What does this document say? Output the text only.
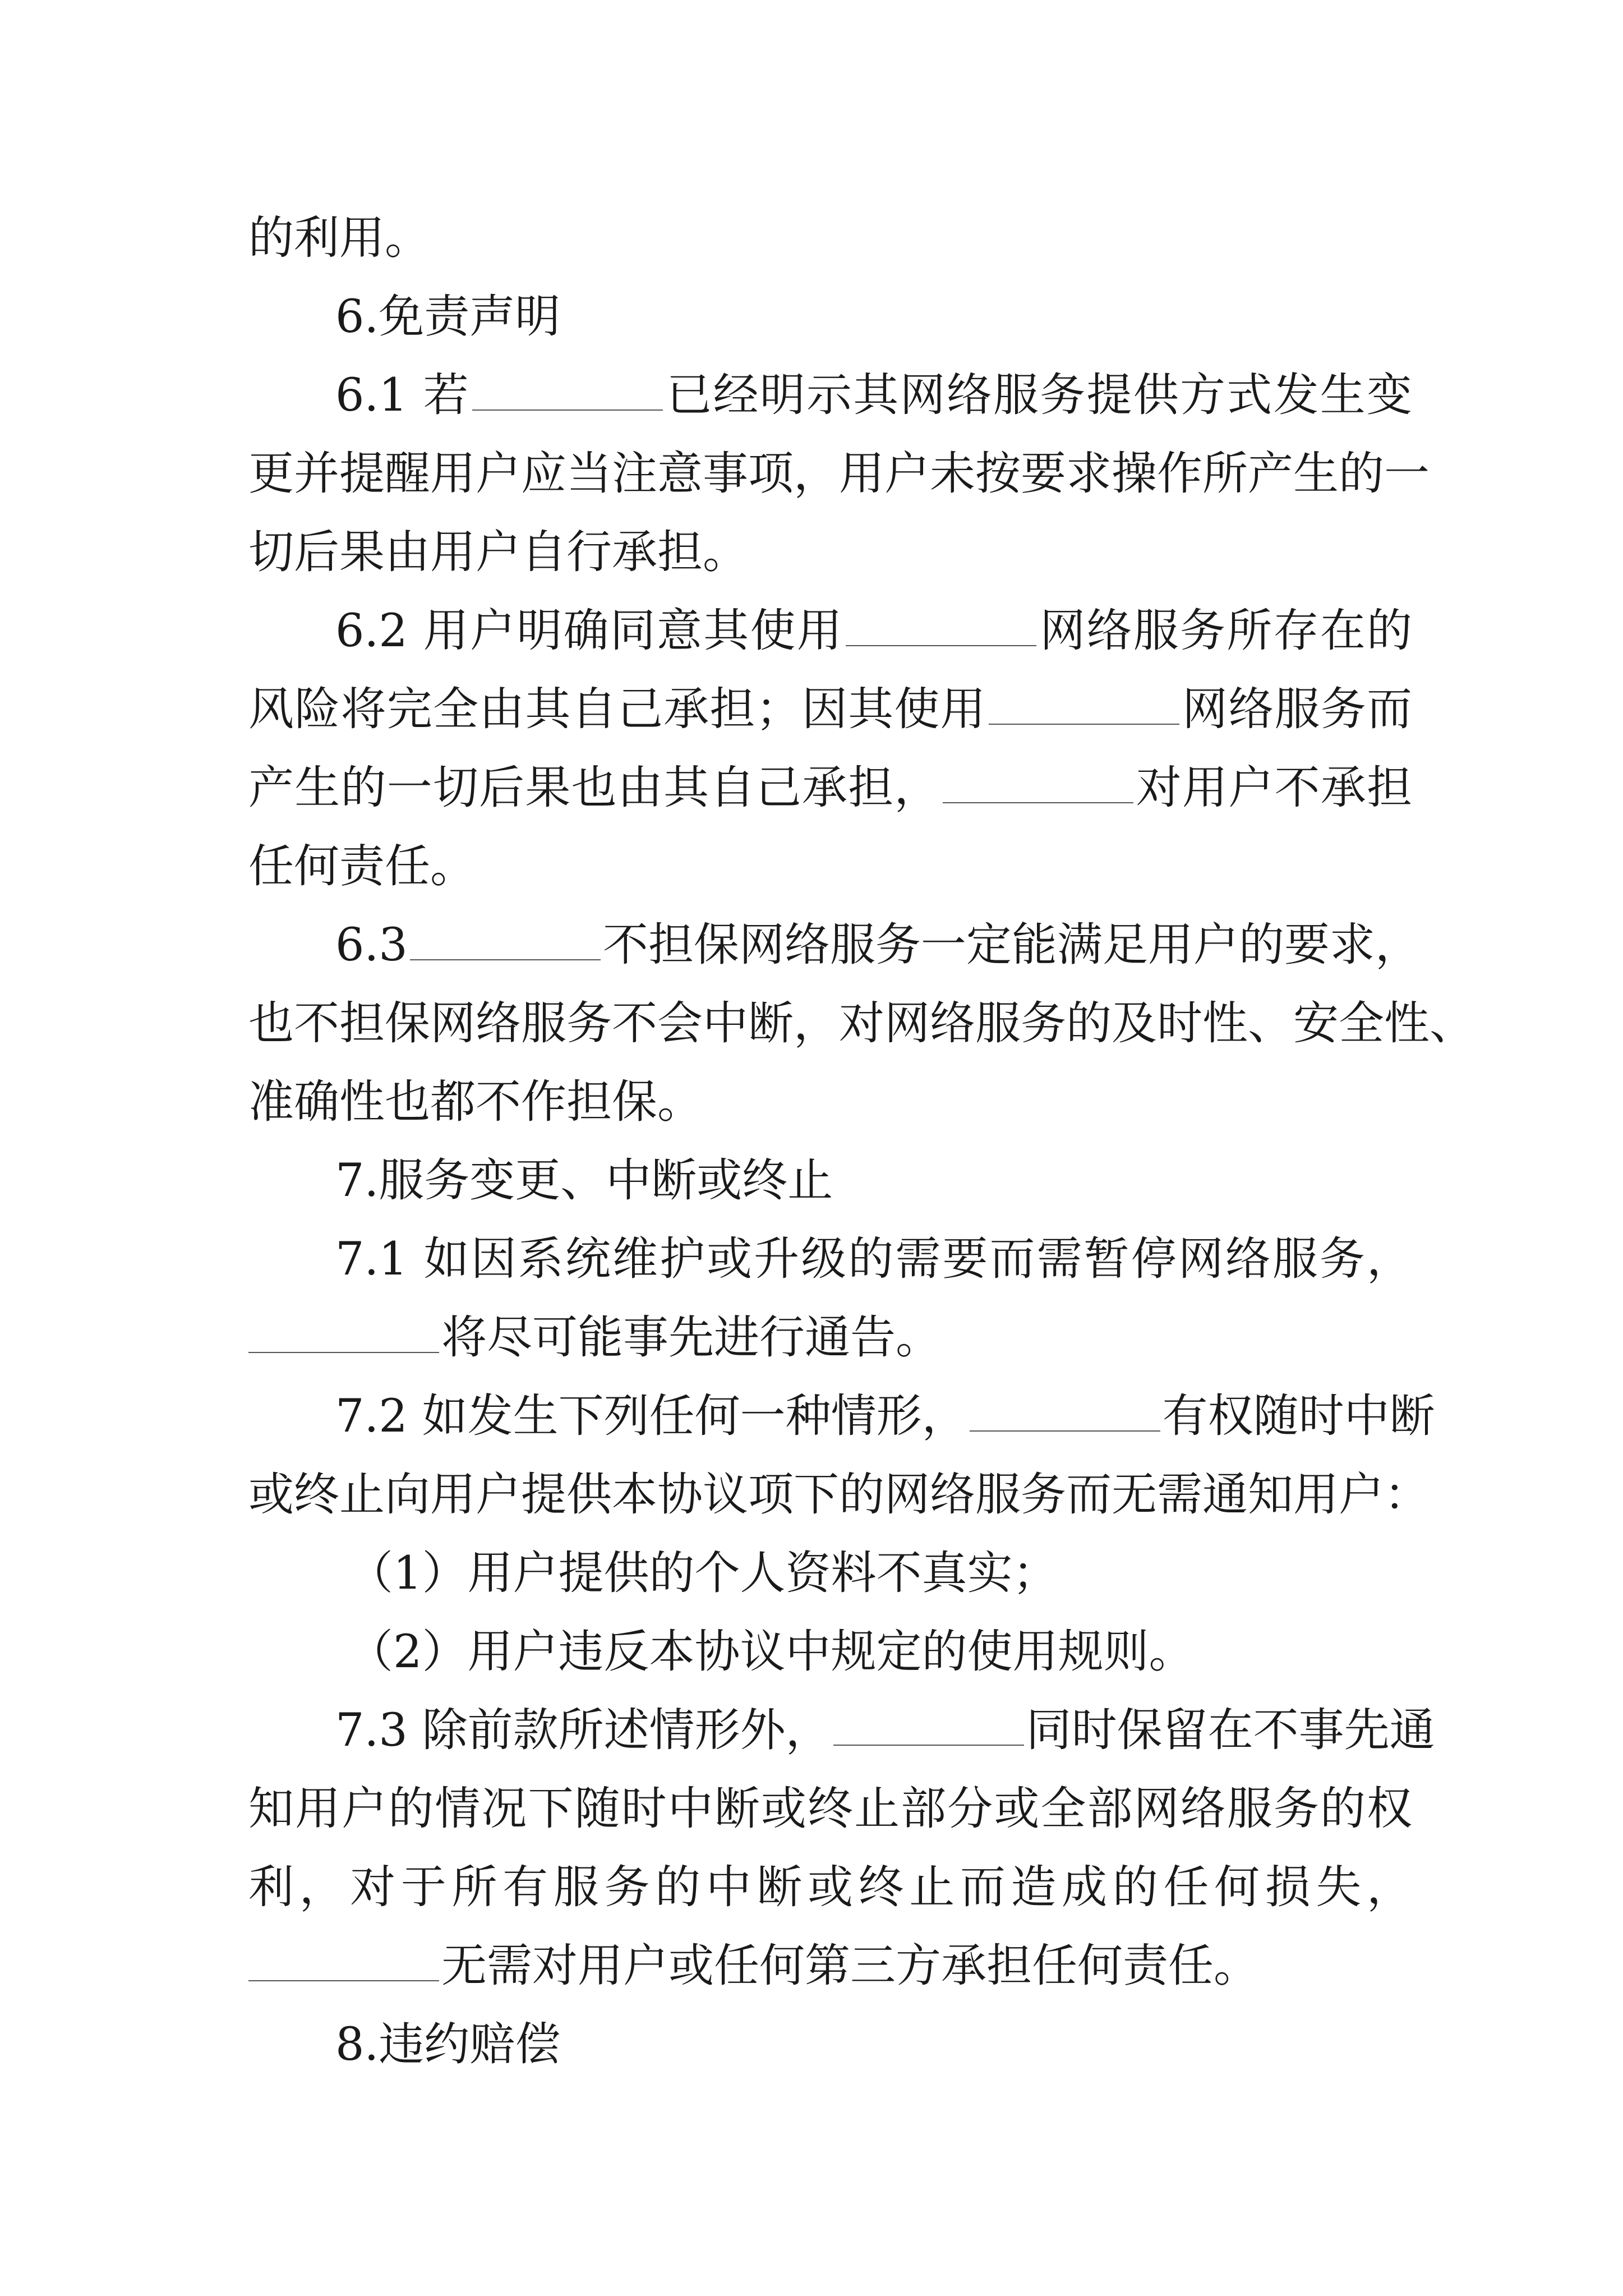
的利用。
6.免责声明
6.1 若	已经明示其网络服务提供方式发生变
更并提醒用户应当注意事项，用户未按要求操作所产生的一
切后果由用户自行承担。
6.2 用户明确同意其使用	网络服务所存在的
风险将完全由其自己承担；因其使用	网络服务而
产生的一切后果也由其自己承担，	对用户不承担
任何责任。
6.3	不担保网络服务一定能满足用户的要求，
也不担保网络服务不会中断，对网络服务的及时性、安全性、
准确性也都不作担保。
7.服务变更、中断或终止
7.1 如因系统维护或升级的需要而需暂停网络服务，
将尽可能事先进行通告。
7.2 如发生下列任何一种情形，	有权随时中断
或终止向用户提供本协议项下的网络服务而无需通知用户：
（1）用户提供的个人资料不真实；
（2）用户违反本协议中规定的使用规则。
7.3 除前款所述情形外，	同时保留在不事先通
知用户的情况下随时中断或终止部分或全部网络服务的权
利，对于所有服务的中断或终止而造成的任何损失，
无需对用户或任何第三方承担任何责任。
8.违约赔偿
